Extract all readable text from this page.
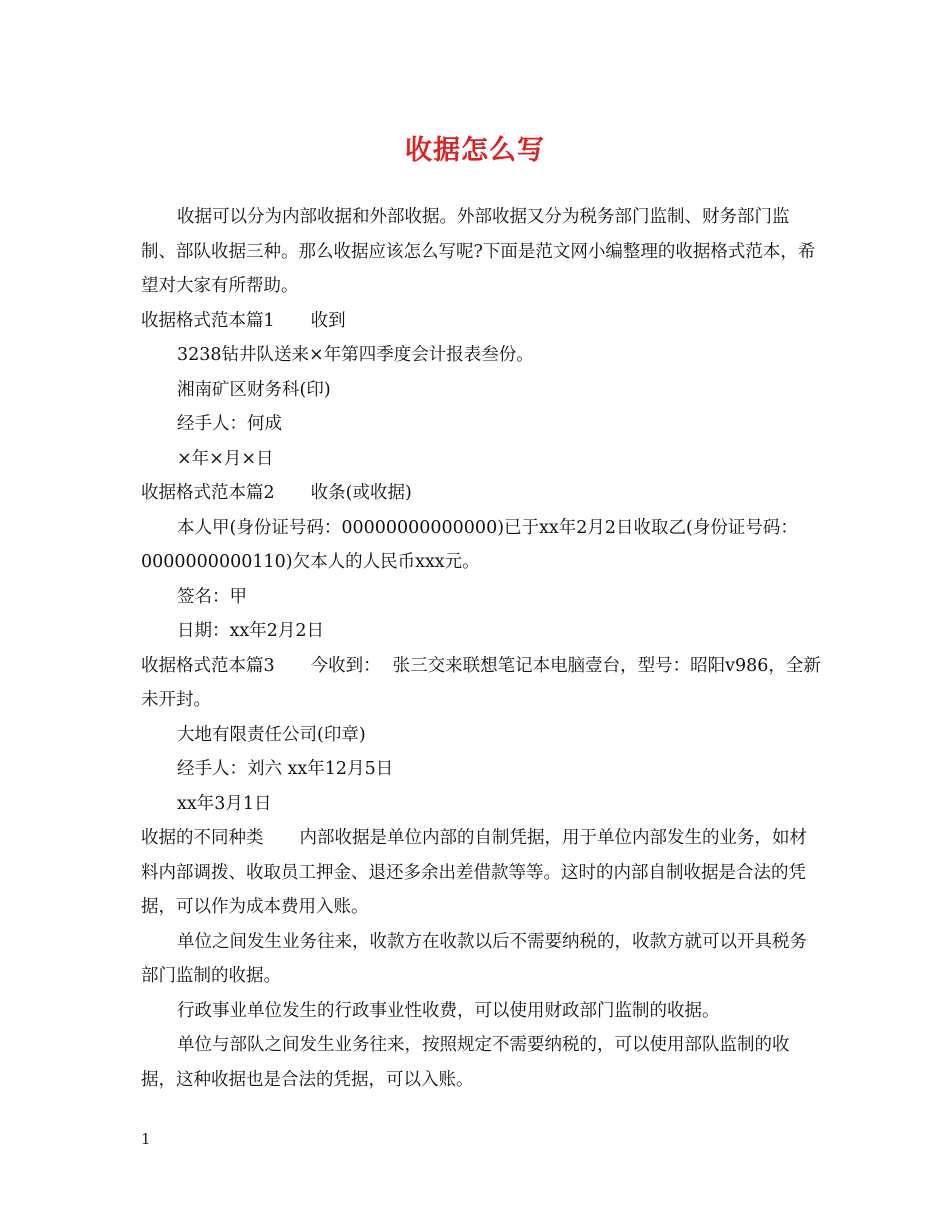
收据怎么写

收据可以分为内部收据和外部收据。外部收据又分为税务部门监制、财务部门监制、部队收据三种。那么收据应该怎么写呢?下面是范文网小编整理的收据格式范本，希望对大家有所帮助。

收据格式范本篇1 收到

3238钻井队送来×年第四季度会计报表叁份。

湘南矿区财务科(印)

经手人：何成

×年×月×日

收据格式范本篇2 收条(或收据)

本人甲(身份证号码：00000000000000)已于xx年2月2日收取乙(身份证号码：0000000000110)欠本人的人民币xxx元。

签名：甲

日期：xx年2月2日

收据格式范本篇3 今收到： 张三交来联想笔记本电脑壹台，型号：昭阳v986，全新未开封。

大地有限责任公司(印章)

经手人：刘六 xx年12月5日

xx年3月1日

收据的不同种类 内部收据是单位内部的自制凭据，用于单位内部发生的业务，如材料内部调拨、收取员工押金、退还多余出差借款等等。这时的内部自制收据是合法的凭据，可以作为成本费用入账。

单位之间发生业务往来，收款方在收款以后不需要纳税的，收款方就可以开具税务部门监制的收据。

行政事业单位发生的行政事业性收费，可以使用财政部门监制的收据。

单位与部队之间发生业务往来，按照规定不需要纳税的，可以使用部队监制的收据，这种收据也是合法的凭据，可以入账。

1
